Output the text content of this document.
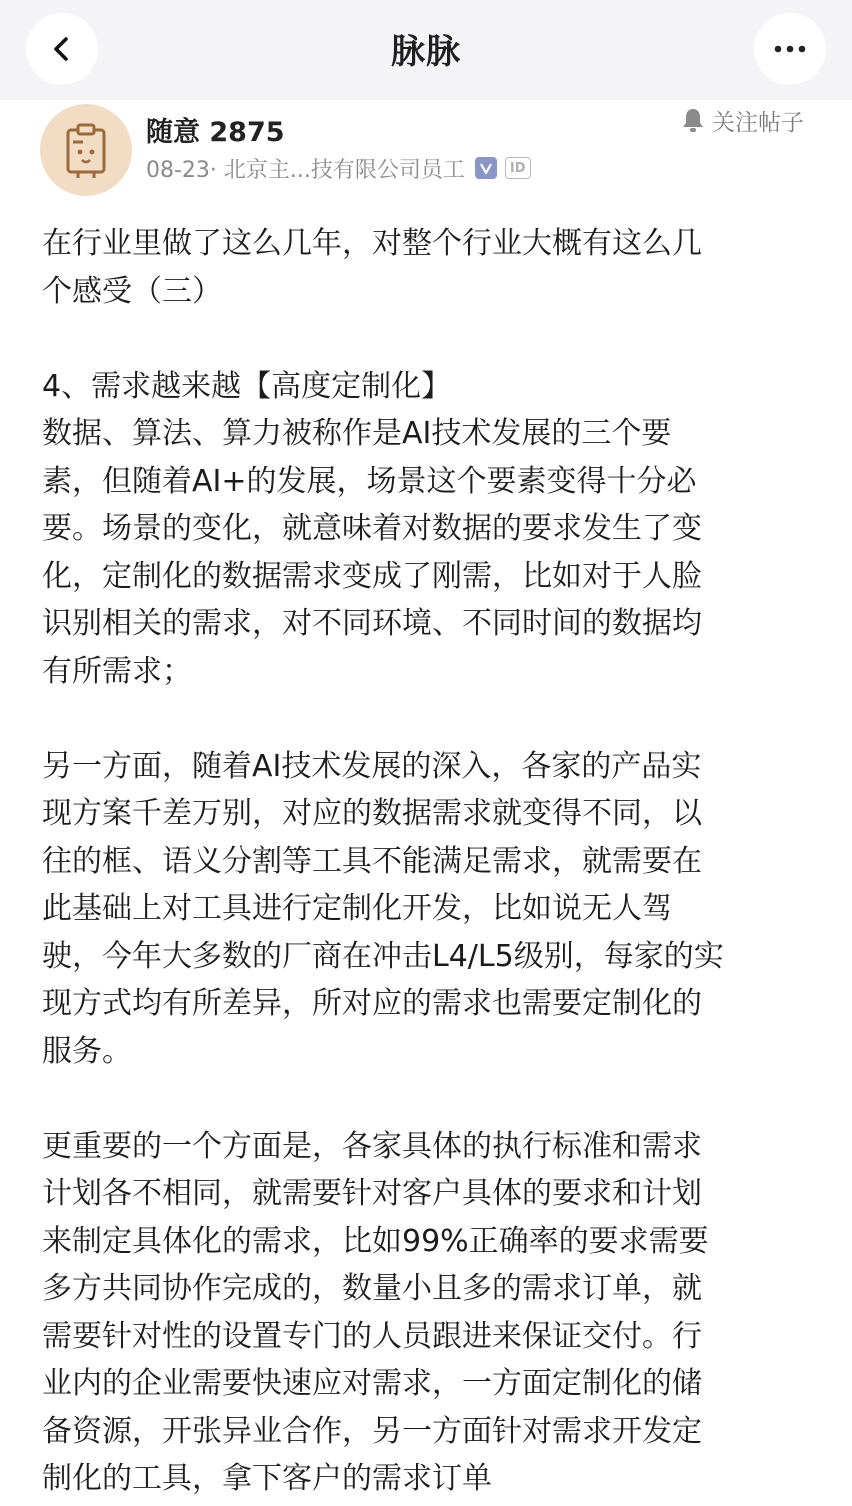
脉脉
随意 2875
08-23· 北京主...技有限公司员工	ID
关注帖子
在行业里做了这么几年，对整个行业大概有这么几
个感受（三）
4、需求越来越【高度定制化】
数据、算法、算力被称作是AI技术发展的三个要
素，但随着AI+的发展，场景这个要素变得十分必
要。场景的变化，就意味着对数据的要求发生了变
化，定制化的数据需求变成了刚需，比如对于人脸
识别相关的需求，对不同环境、不同时间的数据均
有所需求；
另一方面，随着AI技术发展的深入，各家的产品实
现方案千差万别，对应的数据需求就变得不同，以
往的框、语义分割等工具不能满足需求，就需要在
此基础上对工具进行定制化开发，比如说无人驾
驶，今年大多数的厂商在冲击L4/L5级别，每家的实
现方式均有所差异，所对应的需求也需要定制化的
服务。
更重要的一个方面是，各家具体的执行标准和需求
计划各不相同，就需要针对客户具体的要求和计划
来制定具体化的需求，比如99%正确率的要求需要
多方共同协作完成的，数量小且多的需求订单，就
需要针对性的设置专门的人员跟进来保证交付。行
业内的企业需要快速应对需求，一方面定制化的储
备资源，开张异业合作，另一方面针对需求开发定
制化的工具，拿下客户的需求订单
